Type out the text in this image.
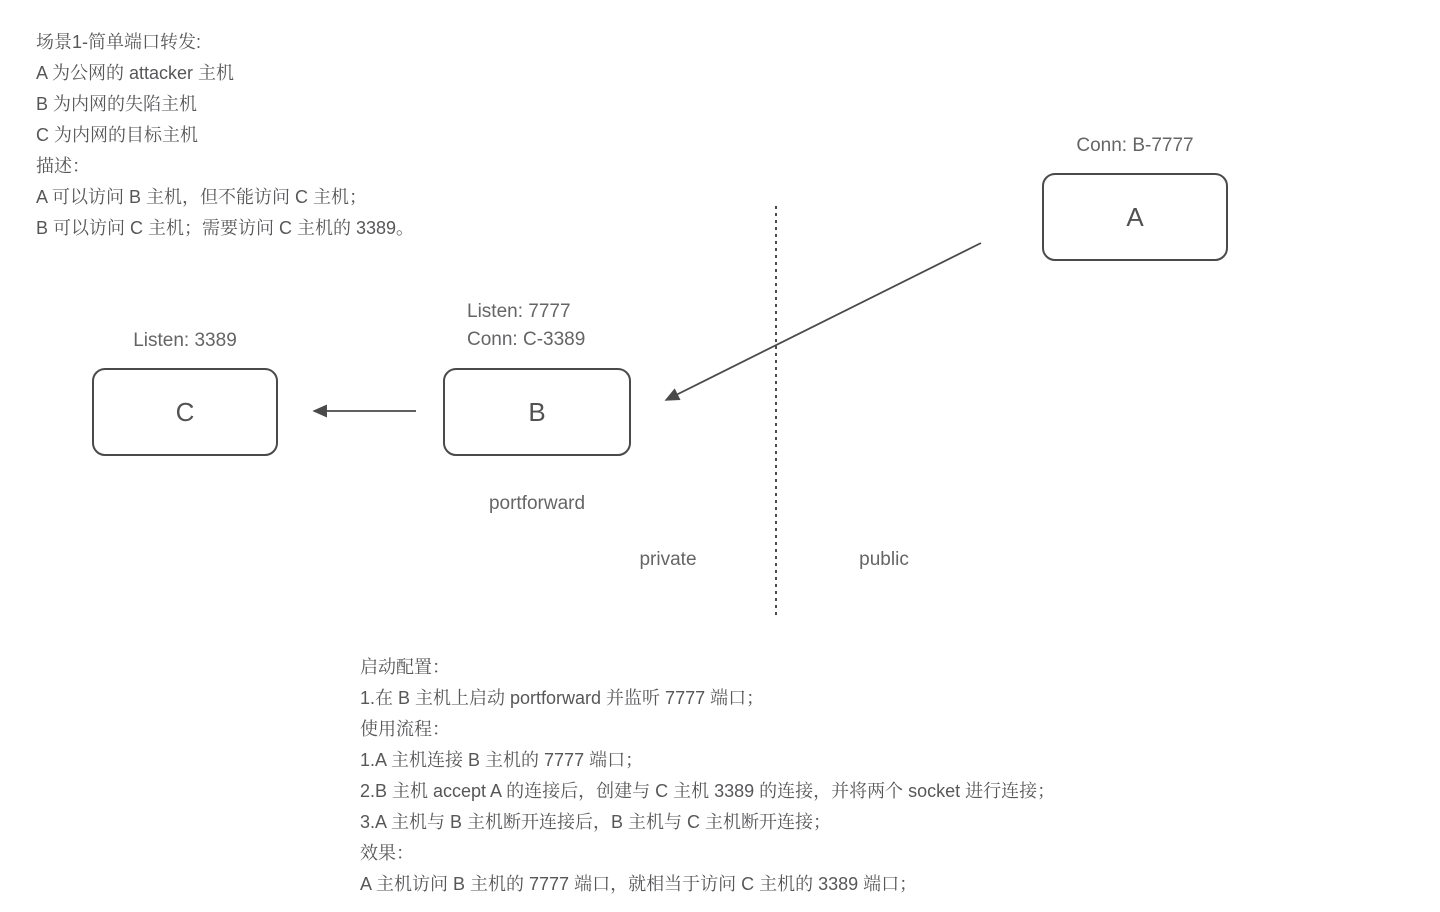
场景1-简单端口转发:
A 为公网的 attacker 主机
B 为内网的失陷主机
C 为内网的目标主机
描述：
A 可以访问 B 主机，但不能访问 C 主机；
B 可以访问 C 主机；需要访问 C 主机的 3389。
Conn: B-7777
A
Listen: 7777
Conn: C-3389
B
portforward
Listen: 3389
C
private	public
启动配置：
1.在 B 主机上启动 portforward 并监听 7777 端口；
使用流程：
1.A 主机连接 B 主机的 7777 端口；
2.B 主机 accept A 的连接后，创建与 C 主机 3389 的连接，并将两个 socket 进行连接；
3.A 主机与 B 主机断开连接后，B 主机与 C 主机断开连接；
效果：
A 主机访问 B 主机的 7777 端口，就相当于访问 C 主机的 3389 端口；
